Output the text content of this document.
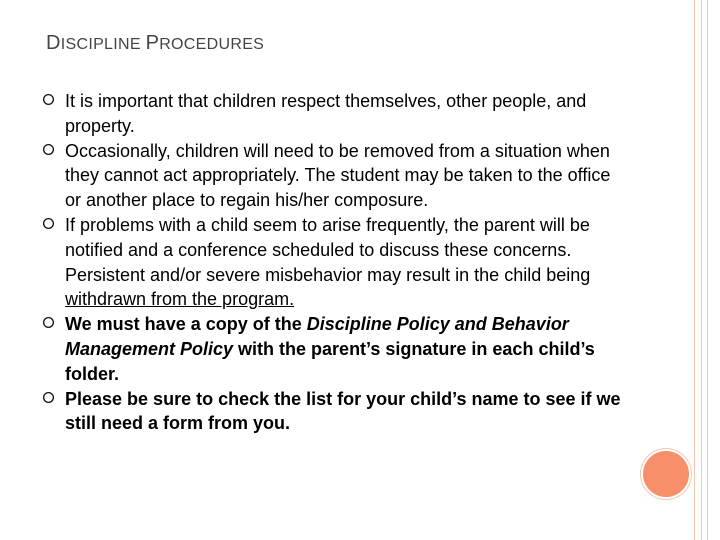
DISCIPLINE PROCEDURES
It is important that children respect themselves, other people, and property.
Occasionally, children will need to be removed from a situation when they cannot act appropriately. The student may be taken to the office or another place to regain his/her composure.
If problems with a child seem to arise frequently, the parent will be notified and a conference scheduled to discuss these concerns. Persistent and/or severe misbehavior may result in the child being withdrawn from the program.
We must have a copy of the Discipline Policy and Behavior Management Policy with the parent’s signature in each child’s folder.
Please be sure to check the list for your child’s name to see if we still need a form from you.
